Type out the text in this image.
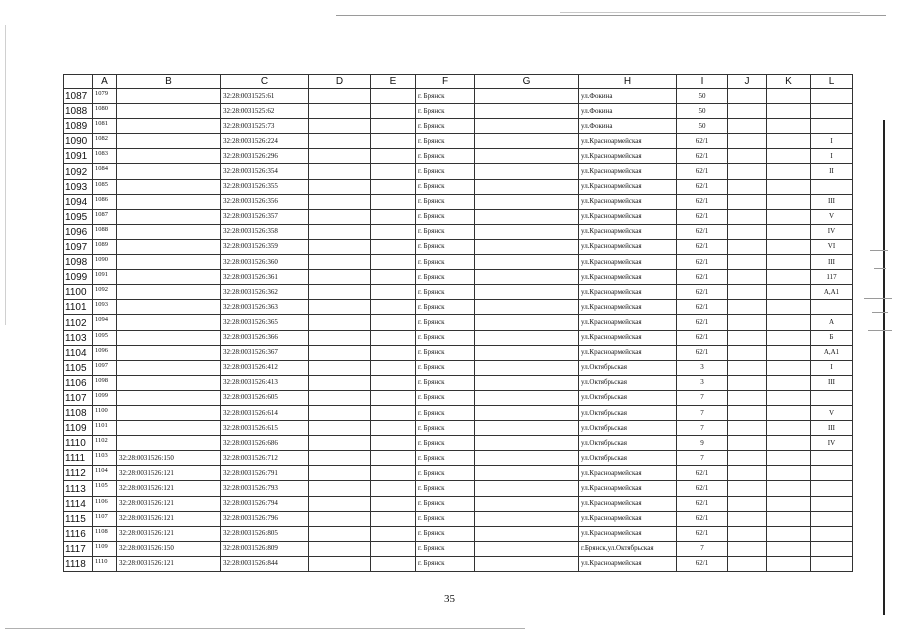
	A	B	C	D	E	F	G	H	I	J	K	L
1087	1079		32:28:0031525:61			г. Брянск		ул.Фокина	50			
1088	1080		32:28:0031525:62			г. Брянск		ул.Фокина	50			
1089	1081		32:28:0031525:73			г. Брянск		ул.Фокина	50			
1090	1082		32:28:0031526:224			г. Брянск		ул.Красноармейская	62/1			I
1091	1083		32:28:0031526:296			г. Брянск		ул.Красноармейская	62/1			I
1092	1084		32:28:0031526:354			г. Брянск		ул.Красноармейская	62/1			II
1093	1085		32:28:0031526:355			г. Брянск		ул.Красноармейская	62/1			
1094	1086		32:28:0031526:356			г. Брянск		ул.Красноармейская	62/1			III
1095	1087		32:28:0031526:357			г. Брянск		ул.Красноармейская	62/1			V
1096	1088		32:28:0031526:358			г. Брянск		ул.Красноармейская	62/1			IV
1097	1089		32:28:0031526:359			г. Брянск		ул.Красноармейская	62/1			VI
1098	1090		32:28:0031526:360			г. Брянск		ул.Красноармейская	62/1			III
1099	1091		32:28:0031526:361			г. Брянск		ул.Красноармейская	62/1			117
1100	1092		32:28:0031526:362			г. Брянск		ул.Красноармейская	62/1			А,А1
1101	1093		32:28:0031526:363			г. Брянск		ул.Красноармейская	62/1			
1102	1094		32:28:0031526:365			г. Брянск		ул.Красноармейская	62/1			А
1103	1095		32:28:0031526:366			г. Брянск		ул.Красноармейская	62/1			Б
1104	1096		32:28:0031526:367			г. Брянск		ул.Красноармейская	62/1			А,А1
1105	1097		32:28:0031526:412			г. Брянск		ул.Октябрьская	3			I
1106	1098		32:28:0031526:413			г. Брянск		ул.Октябрьская	3			III
1107	1099		32:28:0031526:605			г. Брянск		ул.Октябрьская	7			
1108	1100		32:28:0031526:614			г. Брянск		ул.Октябрьская	7			V
1109	1101		32:28:0031526:615			г. Брянск		ул.Октябрьская	7			III
1110	1102		32:28:0031526:686			г. Брянск		ул.Октябрьская	9			IV
1111	1103	32:28:0031526:150	32:28:0031526:712			г. Брянск		ул.Октябрьская	7			
1112	1104	32:28:0031526:121	32:28:0031526:791			г. Брянск		ул.Красноармейская	62/1			
1113	1105	32:28:0031526:121	32:28:0031526:793			г. Брянск		ул.Красноармейская	62/1			
1114	1106	32:28:0031526:121	32:28:0031526:794			г. Брянск		ул.Красноармейская	62/1			
1115	1107	32:28:0031526:121	32:28:0031526:796			г. Брянск		ул.Красноармейская	62/1			
1116	1108	32:28:0031526:121	32:28:0031526:805			г. Брянск		ул.Красноармейская	62/1			
1117	1109	32:28:0031526:150	32:28:0031526:809			г. Брянск		г.Брянск,ул.Октябрьская	7			
1118	1110	32:28:0031526:121	32:28:0031526:844			г. Брянск		ул.Красноармейская	62/1			
35
